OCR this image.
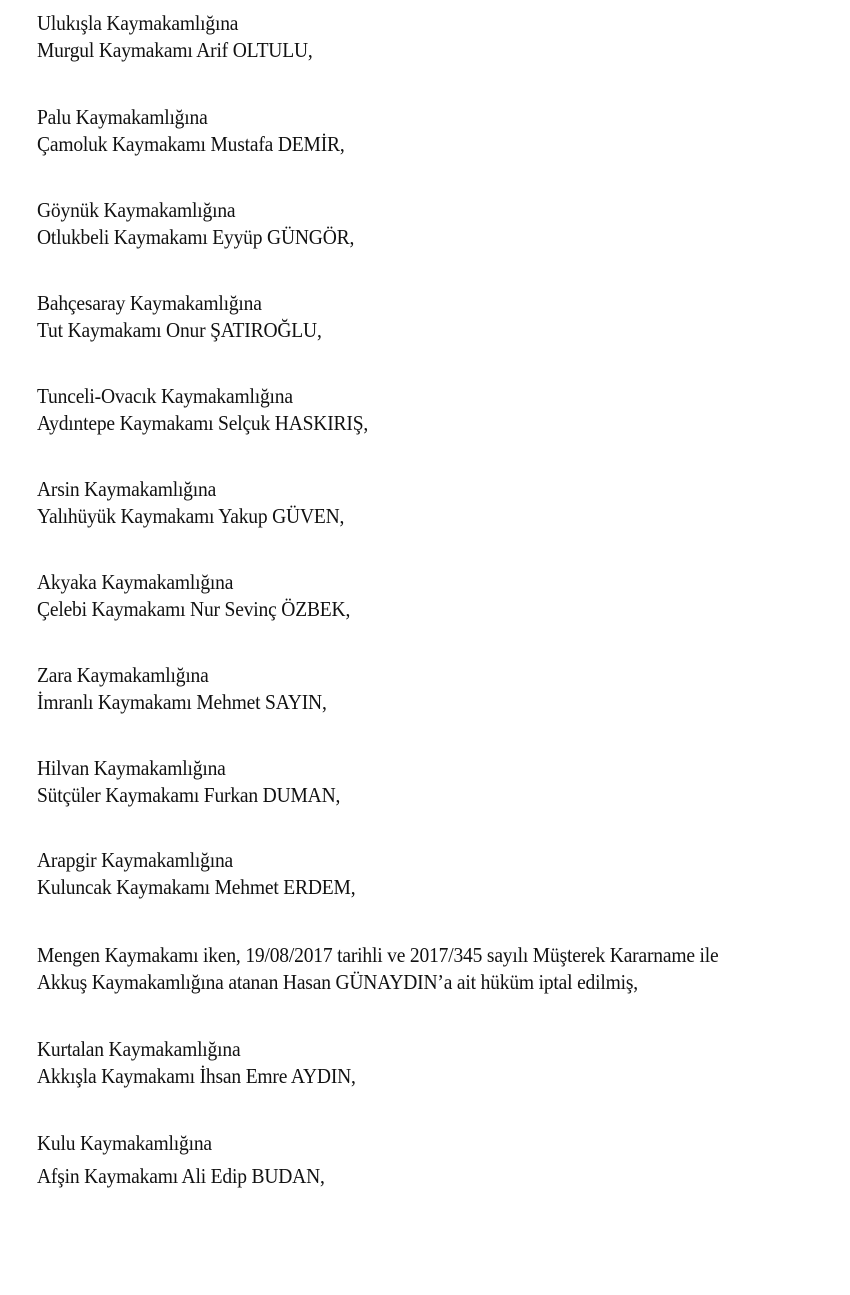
Ulukışla Kaymakamlığına
Murgul Kaymakamı Arif OLTULU,
Palu Kaymakamlığına
Çamoluk Kaymakamı Mustafa DEMİR,
Göynük Kaymakamlığına
Otlukbeli Kaymakamı Eyyüp GÜNGÖR,
Bahçesaray Kaymakamlığına
Tut Kaymakamı Onur ŞATIROĞLU,
Tunceli-Ovacık Kaymakamlığına
Aydıntepe Kaymakamı Selçuk HASKIRIŞ,
Arsin Kaymakamlığına
Yalıhüyük Kaymakamı Yakup GÜVEN,
Akyaka Kaymakamlığına
Çelebi Kaymakamı Nur Sevinç ÖZBEK,
Zara Kaymakamlığına
İmranlı Kaymakamı Mehmet SAYIN,
Hilvan Kaymakamlığına
Sütçüler Kaymakamı Furkan DUMAN,
Arapgir Kaymakamlığına
Kuluncak Kaymakamı Mehmet ERDEM,
Mengen Kaymakamı iken, 19/08/2017 tarihli ve 2017/345 sayılı Müşterek Kararname ile
Akkuş Kaymakamlığına atanan Hasan GÜNAYDIN’a ait hüküm iptal edilmiş,
Kurtalan Kaymakamlığına
Akkışla Kaymakamı İhsan Emre AYDIN,
Kulu Kaymakamlığına
Afşin Kaymakamı Ali Edip BUDAN,
